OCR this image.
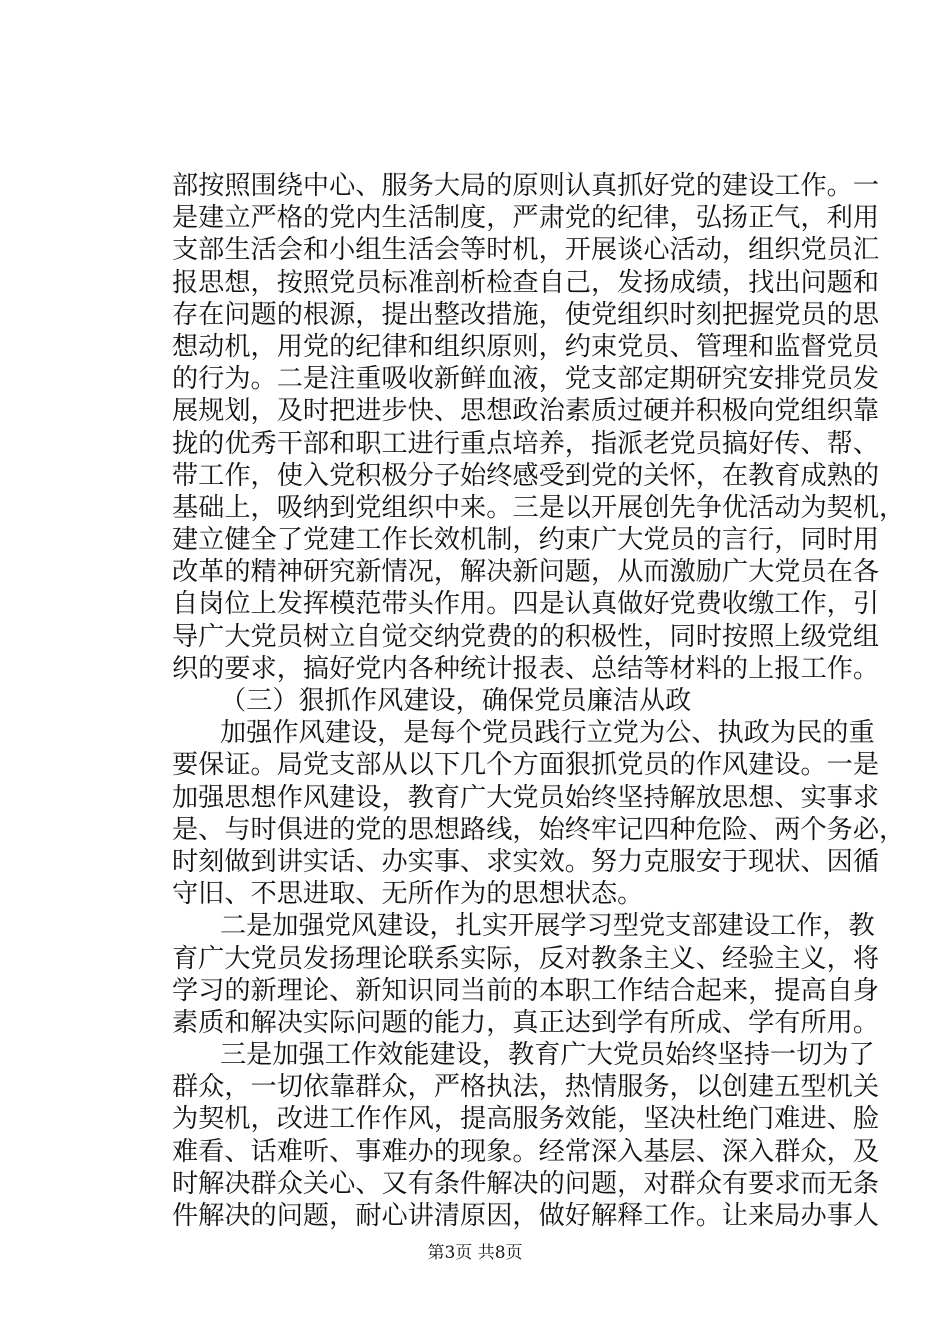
部按照围绕中心、服务大局的原则认真抓好党的建设工作。一
是建立严格的党内生活制度，严肃党的纪律，弘扬正气，利用
支部生活会和小组生活会等时机，开展谈心活动，组织党员汇
报思想，按照党员标准剖析检查自己，发扬成绩，找出问题和
存在问题的根源，提出整改措施，使党组织时刻把握党员的思
想动机，用党的纪律和组织原则，约束党员、管理和监督党员
的行为。二是注重吸收新鲜血液，党支部定期研究安排党员发
展规划，及时把进步快、思想政治素质过硬并积极向党组织靠
拢的优秀干部和职工进行重点培养，指派老党员搞好传、帮、
带工作，使入党积极分子始终感受到党的关怀，在教育成熟的
基础上，吸纳到党组织中来。三是以开展创先争优活动为契机，
建立健全了党建工作长效机制，约束广大党员的言行，同时用
改革的精神研究新情况，解决新问题，从而激励广大党员在各
自岗位上发挥模范带头作用。四是认真做好党费收缴工作，引
导广大党员树立自觉交纳党费的的积极性，同时按照上级党组
织的要求，搞好党内各种统计报表、总结等材料的上报工作。
（三）狠抓作风建设，确保党员廉洁从政
加强作风建设，是每个党员践行立党为公、执政为民的重
要保证。局党支部从以下几个方面狠抓党员的作风建设。一是
加强思想作风建设，教育广大党员始终坚持解放思想、实事求
是、与时俱进的党的思想路线，始终牢记四种危险、两个务必，
时刻做到讲实话、办实事、求实效。努力克服安于现状、因循
守旧、不思进取、无所作为的思想状态。
二是加强党风建设，扎实开展学习型党支部建设工作，教
育广大党员发扬理论联系实际，反对教条主义、经验主义，将
学习的新理论、新知识同当前的本职工作结合起来，提高自身
素质和解决实际问题的能力，真正达到学有所成、学有所用。
三是加强工作效能建设，教育广大党员始终坚持一切为了
群众，一切依靠群众，严格执法，热情服务，以创建五型机关
为契机，改进工作作风，提高服务效能，坚决杜绝门难进、脸
难看、话难听、事难办的现象。经常深入基层、深入群众，及
时解决群众关心、又有条件解决的问题，对群众有要求而无条
件解决的问题，耐心讲清原因，做好解释工作。让来局办事人
第3页 共8页
